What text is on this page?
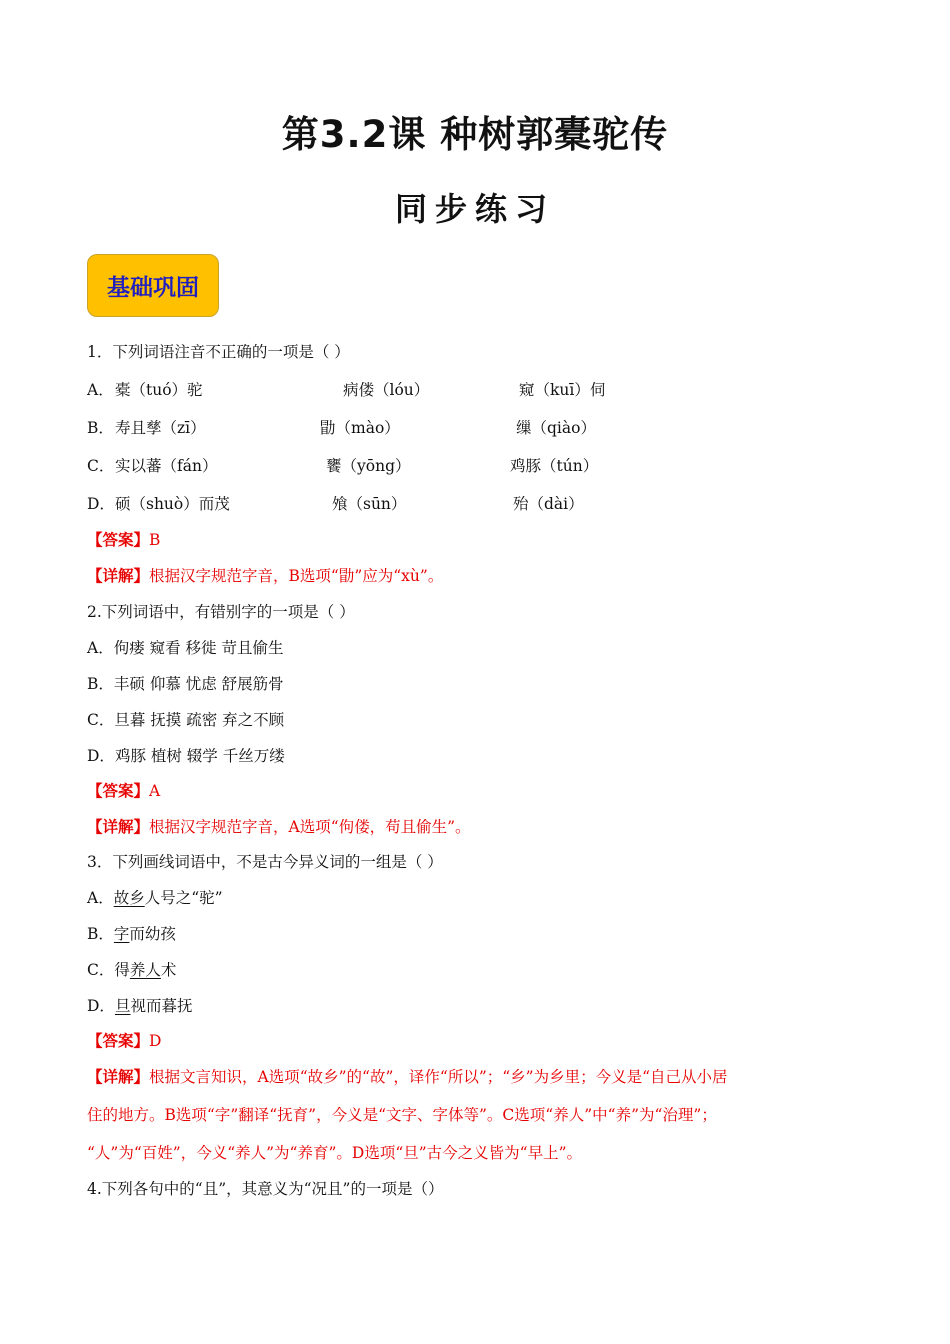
第3.2课 种树郭橐驼传
同步练习
基础巩固
1．下列词语注音不正确的一项是（ ）
A． 橐（tuó）驼	病偻（lóu）	窥（kuī）伺
B． 寿且孳（zī）	勖（mào）	缫（qiào）
C． 实以蕃（fán）	饔（yōng）	鸡豚（tún）
D． 硕（shuò）而茂	飧（sūn）	殆（dài）
【答案】B
【详解】根据汉字规范字音，B选项“勖”应为“xù”。
2.下列词语中，有错别字的一项是（ ）
A．佝瘘 窥看 移徙 苛且偷生
B．丰硕 仰慕 忧虑 舒展筋骨
C．旦暮 抚摸 疏密 弃之不顾
D．鸡豚 植树 辍学 千丝万缕
【答案】A
【详解】根据汉字规范字音，A选项“佝偻，苟且偷生”。
3．下列画线词语中，不是古今异义词的一组是（ ）
A．故乡人号之“驼”
B．字而幼孩
C．得养人术
D．旦视而暮抚
【答案】D
【详解】根据文言知识，A选项“故乡”的“故”，译作“所以”；“乡”为乡里；今义是“自己从小居
住的地方。B选项“字”翻译“抚育”，今义是“文字、字体等”。C选项“养人”中“养”为“治理”；
“人”为“百姓”，今义“养人”为“养育”。D选项“旦”古今之义皆为“早上”。
4.下列各句中的“且”，其意义为“况且”的一项是（）
